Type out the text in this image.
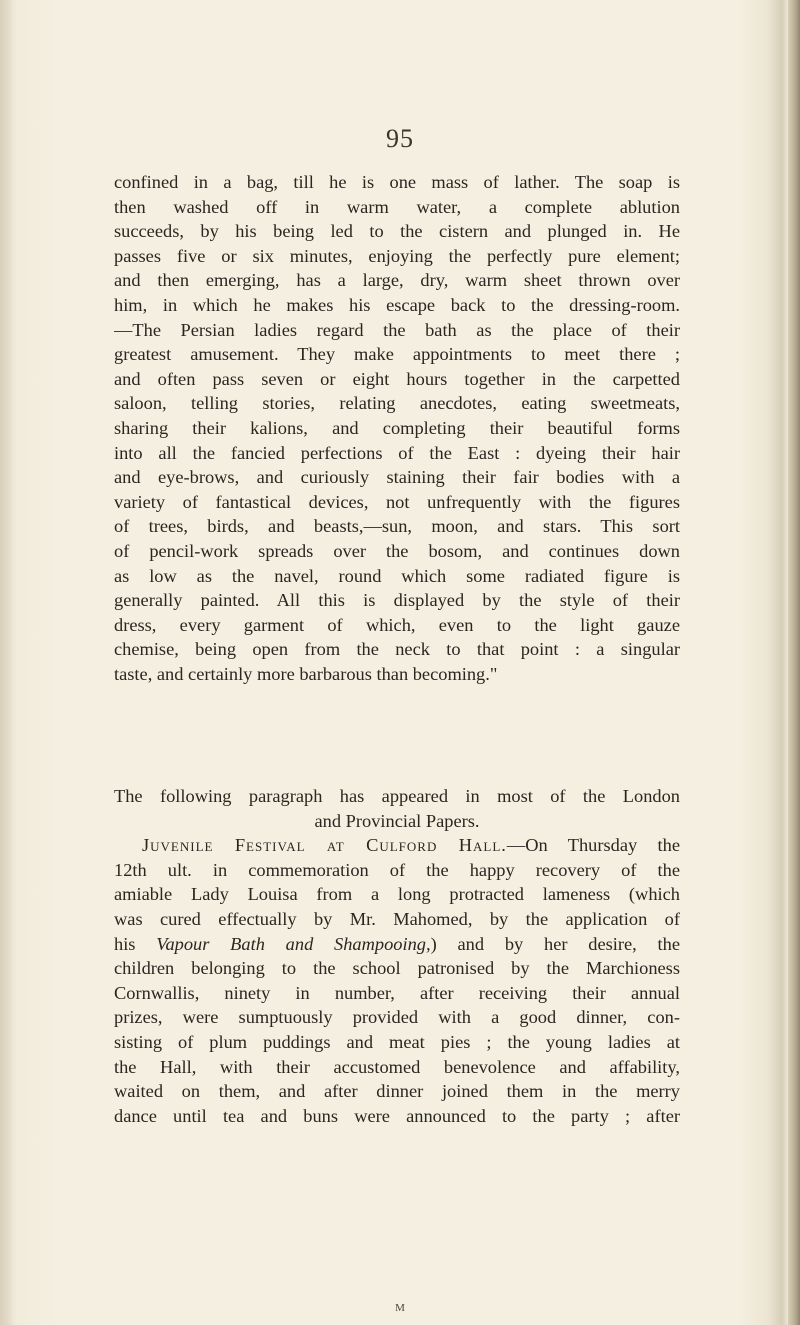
95
confined in a bag, till he is one mass of lather. The soap is
then washed off in warm water, a complete ablution
succeeds, by his being led to the cistern and plunged in. He
passes five or six minutes, enjoying the perfectly pure element;
and then emerging, has a large, dry, warm sheet thrown over
him, in which he makes his escape back to the dressing-room.
—The Persian ladies regard the bath as the place of their
greatest amusement. They make appointments to meet there ;
and often pass seven or eight hours together in the carpetted
saloon, telling stories, relating anecdotes, eating sweetmeats,
sharing their kalions, and completing their beautiful forms
into all the fancied perfections of the East : dyeing their hair
and eye-brows, and curiously staining their fair bodies with a
variety of fantastical devices, not unfrequently with the figures
of trees, birds, and beasts,—sun, moon, and stars. This sort
of pencil-work spreads over the bosom, and continues down
as low as the navel, round which some radiated figure is
generally painted. All this is displayed by the style of their
dress, every garment of which, even to the light gauze
chemise, being open from the neck to that point : a singular
taste, and certainly more barbarous than becoming."
The following paragraph has appeared in most of the London
and Provincial Papers.
Juvenile Festival at Culford Hall.—On Thursday the
12th ult. in commemoration of the happy recovery of the
amiable Lady Louisa from a long protracted lameness (which
was cured effectually by Mr. Mahomed, by the application of
his Vapour Bath and Shampooing,) and by her desire, the
children belonging to the school patronised by the Marchioness
Cornwallis, ninety in number, after receiving their annual
prizes, were sumptuously provided with a good dinner, con-
sisting of plum puddings and meat pies ; the young ladies at
the Hall, with their accustomed benevolence and affability,
waited on them, and after dinner joined them in the merry
dance until tea and buns were announced to the party ; after
M
